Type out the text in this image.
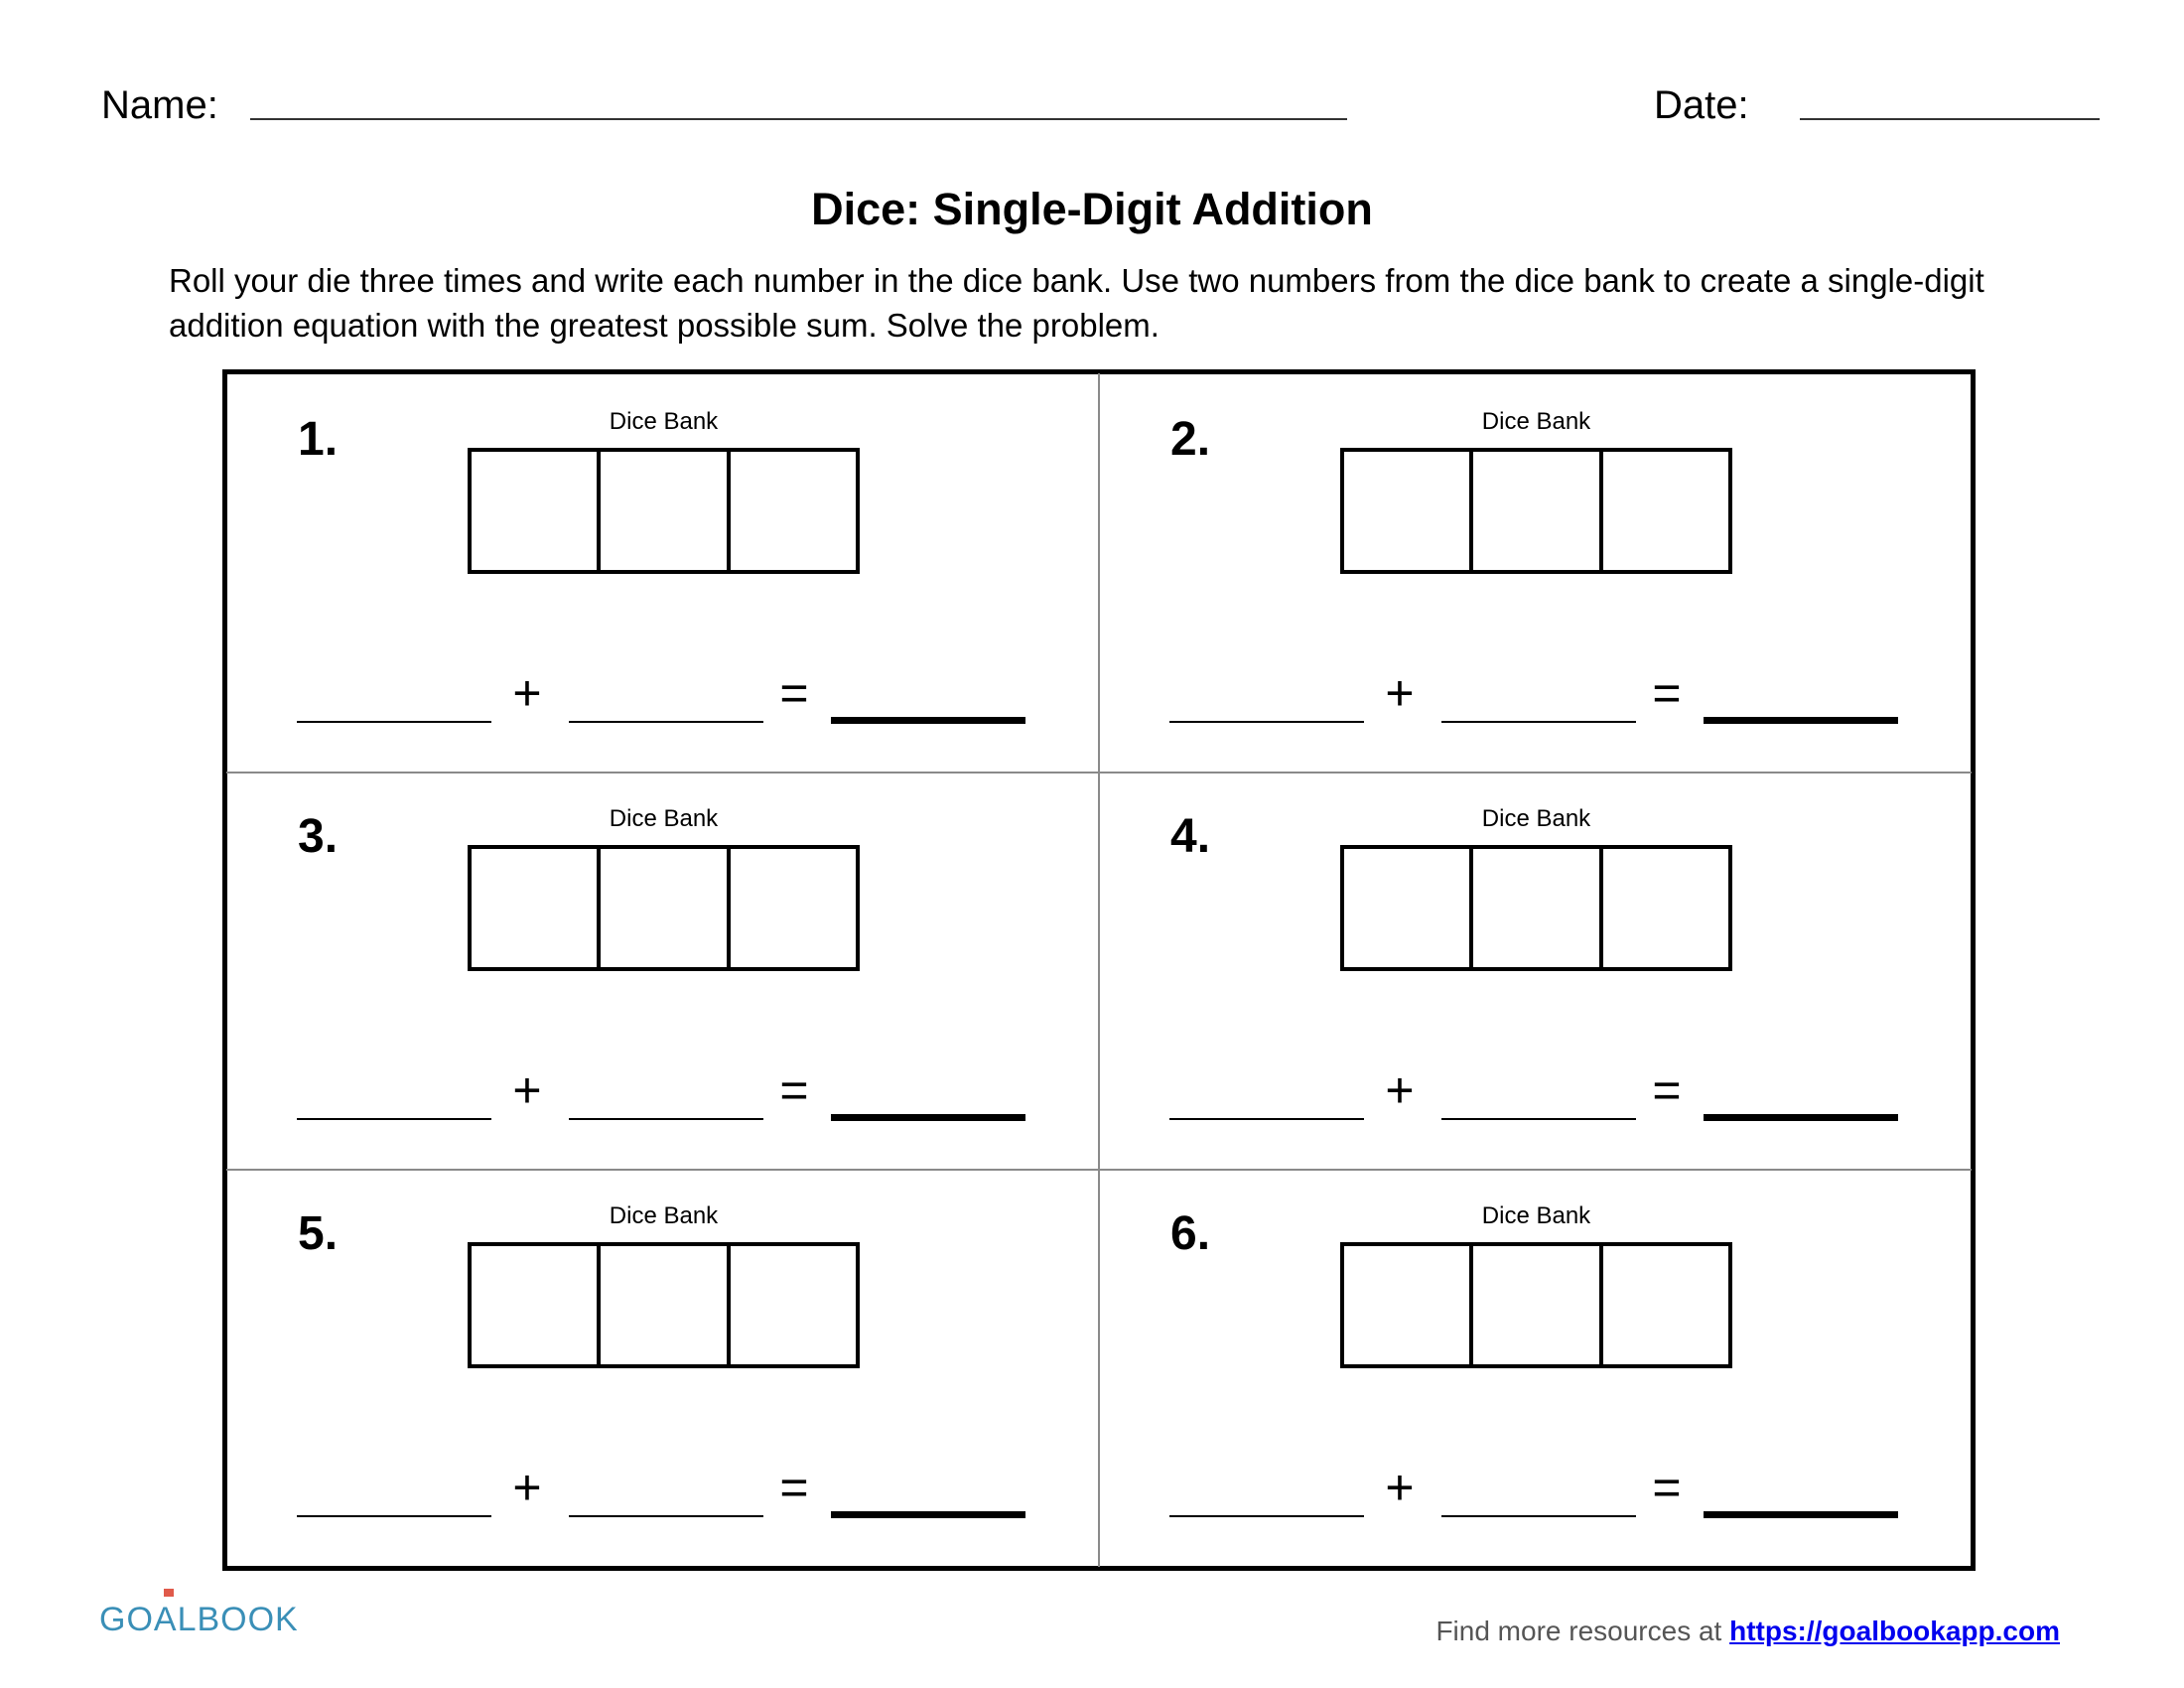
Name:	Date:
Dice: Single-Digit Addition
Roll your die three times and write each number in the dice bank. Use two numbers from the dice bank to create a single-digit addition equation with the greatest possible sum. Solve the problem.
1.	Dice Bank
+	=
2.	Dice Bank
+	=
3.	Dice Bank
+	=
4.	Dice Bank
+	=
5.	Dice Bank
+	=
6.	Dice Bank
+	=
GOALBOOK	Find more resources at https://goalbookapp.com
